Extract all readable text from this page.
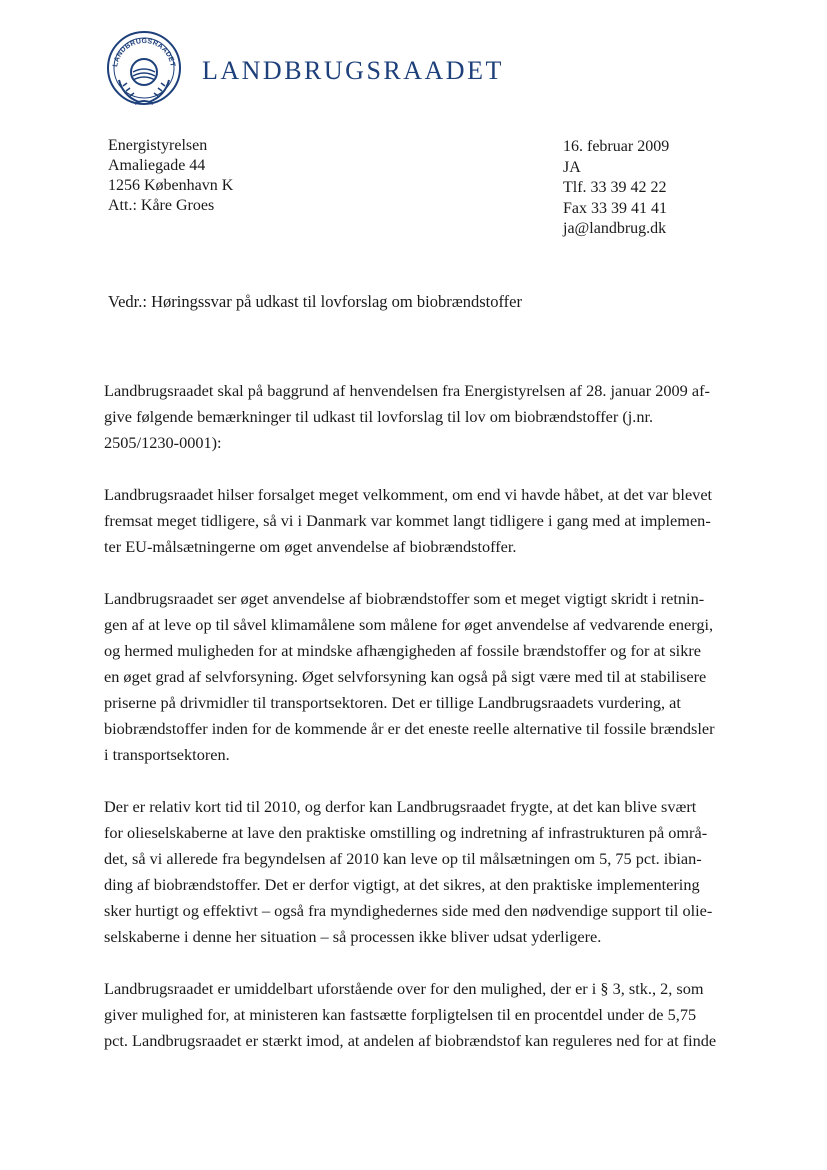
LANDBRUGSRAADET LANDBRUGSRAADET
Energistyrelsen
Amaliegade 44
1256 København K
Att.: Kåre Groes
16. februar 2009
JA
Tlf. 33 39 42 22
Fax 33 39 41 41
ja@landbrug.dk
Vedr.: Høringssvar på udkast til lovforslag om biobrændstoffer

Landbrugsraadet skal på baggrund af henvendelsen fra Energistyrelsen af 28. januar 2009 af-
give følgende bemærkninger til udkast til lovforslag til lov om biobrændstoffer (j.nr.
2505/1230-0001):

Landbrugsraadet hilser forsalget meget velkomment, om end vi havde håbet, at det var blevet
fremsat meget tidligere, så vi i Danmark var kommet langt tidligere i gang med at implemen-
ter EU-målsætningerne om øget anvendelse af biobrændstoffer.

Landbrugsraadet ser øget anvendelse af biobrændstoffer som et meget vigtigt skridt i retnin-
gen af at leve op til såvel klimamålene som målene for øget anvendelse af vedvarende energi,
og hermed muligheden for at mindske afhængigheden af fossile brændstoffer og for at sikre
en øget grad af selvforsyning. Øget selvforsyning kan også på sigt være med til at stabilisere
priserne på drivmidler til transportsektoren. Det er tillige Landbrugsraadets vurdering, at
biobrændstoffer inden for de kommende år er det eneste reelle alternative til fossile brændsler
i transportsektoren.

Der er relativ kort tid til 2010, og derfor kan Landbrugsraadet frygte, at det kan blive svært
for olieselskaberne at lave den praktiske omstilling og indretning af infrastrukturen på områ-
det, så vi allerede fra begyndelsen af 2010 kan leve op til målsætningen om 5, 75 pct. ibian-
ding af biobrændstoffer. Det er derfor vigtigt, at det sikres, at den praktiske implementering
sker hurtigt og effektivt – også fra myndighedernes side med den nødvendige support til olie-
selskaberne i denne her situation – så processen ikke bliver udsat yderligere.

Landbrugsraadet er umiddelbart uforstående over for den mulighed, der er i § 3, stk., 2, som
giver mulighed for, at ministeren kan fastsætte forpligtelsen til en procentdel under de 5,75
pct. Landbrugsraadet er stærkt imod, at andelen af biobrændstof kan reguleres ned for at finde
